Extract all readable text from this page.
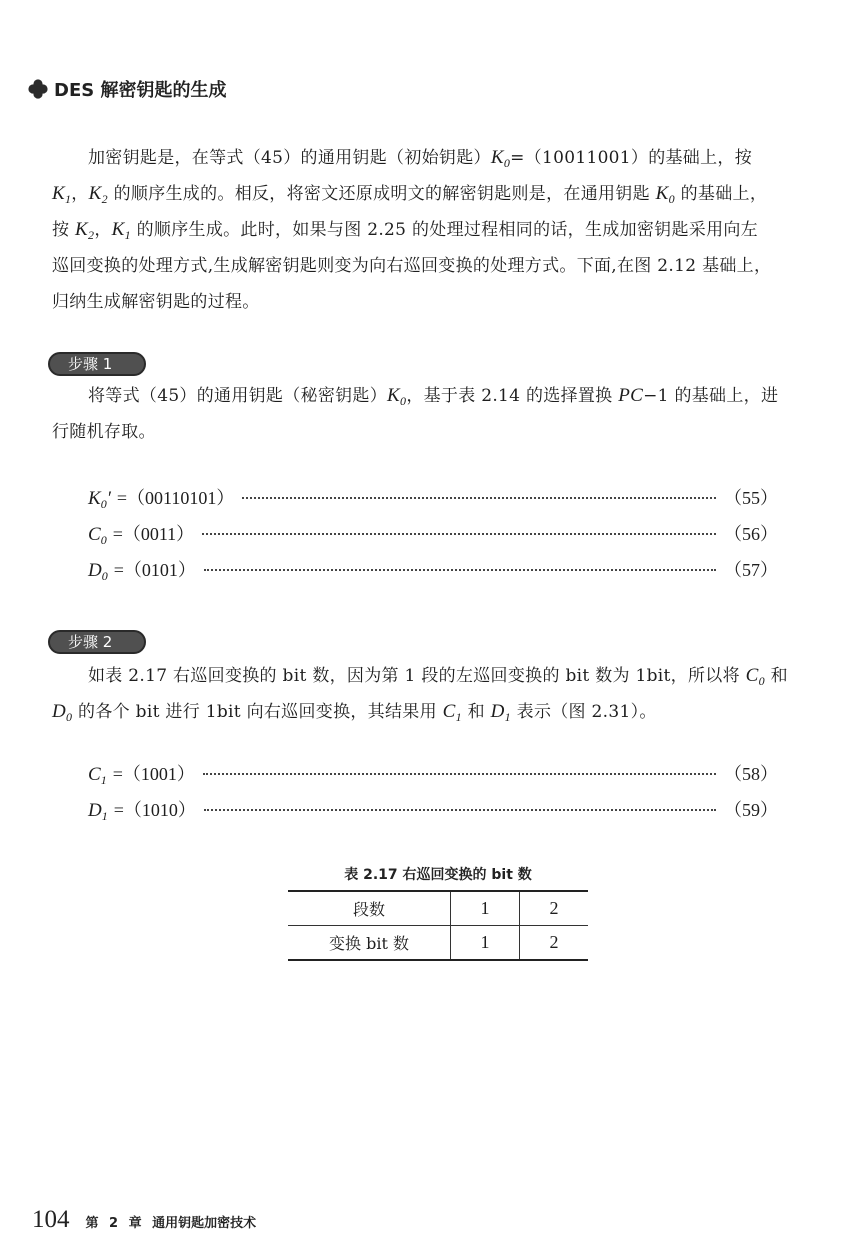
DES 解密钥匙的生成

加密钥匙是，在等式（45）的通用钥匙（初始钥匙）$K_0=(10011001)$的基础上，按
$K_1$，$K_2$ 的顺序生成的。相反，将密文还原成明文的解密钥匙则是，在通用钥匙 $K_0$ 的基础上，
按 $K_2$，$K_1$ 的顺序生成。此时，如果与图 2.25 的处理过程相同的话，生成加密钥匙采用向左
巡回变换的处理方式,生成解密钥匙则变为向右巡回变换的处理方式。下面,在图 2.12 基础上，
归纳生成解密钥匙的过程。

步骤 1

将等式（45）的通用钥匙（秘密钥匙）$K_0$，基于表 2.14 的选择置换 PC−1 的基础上，进
行随机存取。

$K_0' =(00110101)$	（55）
$C_0 =(0011)$	（56）
$D_0 =(0101)$	（57）
步骤 2

如表 2.17 右巡回变换的 bit 数，因为第 1 段的左巡回变换的 bit 数为 1bit，所以将 $C_0$ 和
$D_0$ 的各个 bit 进行 1bit 向右巡回变换，其结果用 $C_1$ 和 $D_1$ 表示（图 2.31）。

$C_1 =(1001)$	（58）
$D_1 =(1010)$	（59）
表 2.17 右巡回变换的 bit 数
段数	1	2
变换 bit 数	1	2
104 第 2 章 通用钥匙加密技术
